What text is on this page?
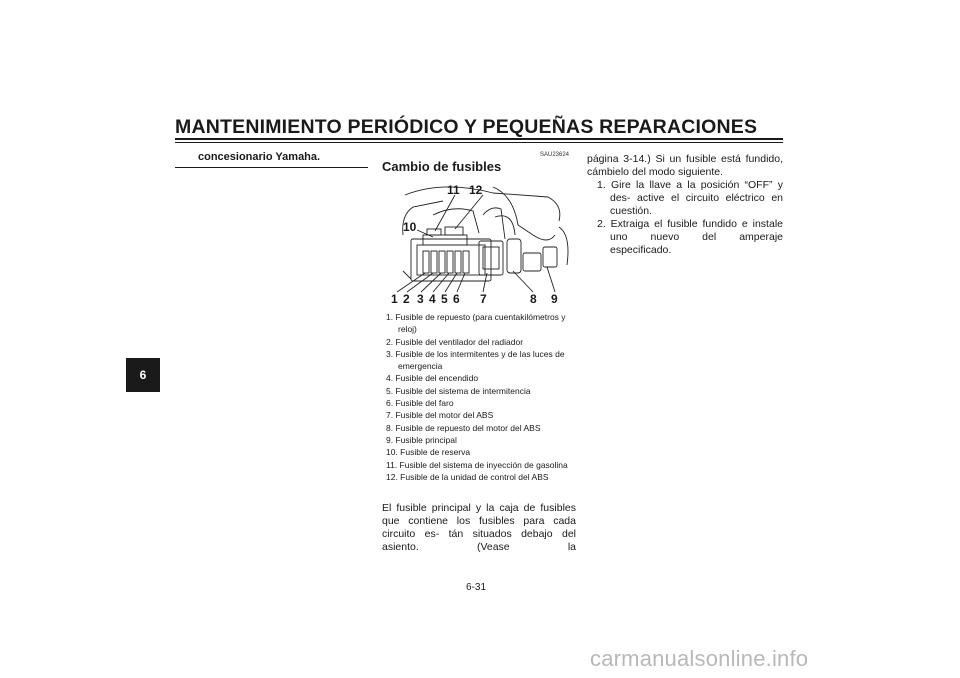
MANTENIMIENTO PERIÓDICO Y PEQUEÑAS REPARACIONES
6
concesionario Yamaha.	SAU23624
Cambio de fusibles
1 2 3 4 5 6 7	8 9
10
11 12
1. Fusible de repuesto (para cuentakilómetros y reloj)
2. Fusible del ventilador del radiador
3. Fusible de los intermitentes y de las luces de emergencia
4. Fusible del encendido
5. Fusible del sistema de intermitencia
6. Fusible del faro
7. Fusible del motor del ABS
8. Fusible de repuesto del motor del ABS
9. Fusible principal
10. Fusible de reserva
11. Fusible del sistema de inyección de gasolina
12. Fusible de la unidad de control del ABS

El fusible principal y la caja de fusibles que contiene los fusibles para cada circuito es- tán situados debajo del asiento. (Vease la

página 3-14.) Si un fusible está fundido, cámbielo del modo siguiente.

1. Gire la llave a la posición “OFF” y des- active el circuito eléctrico en cuestión.
2. Extraiga el fusible fundido e instale uno nuevo del amperaje especificado.
6-31
carmanualsonline.info
